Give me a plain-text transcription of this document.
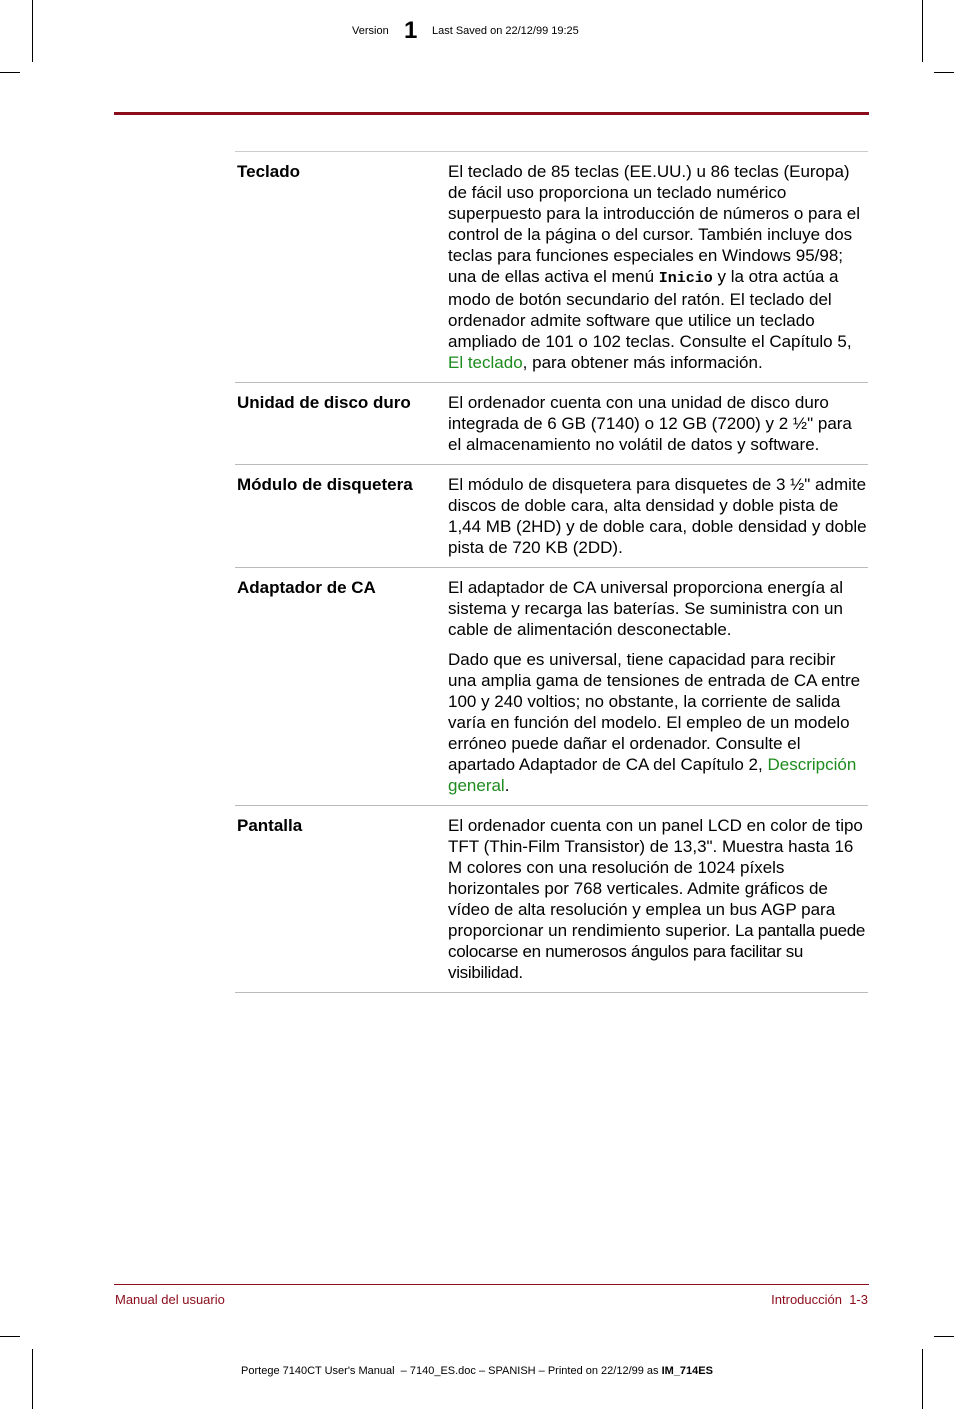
Version 1 Last Saved on 22/12/99 19:25
Teclado	El teclado de 85 teclas (EE.UU.) u 86 teclas (Europa) de fácil uso proporciona un teclado numérico superpuesto para la introducción de números o para el control de la página o del cursor. También incluye dos teclas para funciones especiales en Windows 95/98; una de ellas activa el menú Inicio y la otra actúa a modo de botón secundario del ratón. El teclado del ordenador admite software que utilice un teclado ampliado de 101 o 102 teclas. Consulte el Capítulo 5, El teclado, para obtener más información.

Unidad de disco duro	El ordenador cuenta con una unidad de disco duro integrada de 6 GB (7140) o 12 GB (7200) y 2 ½" para el almacenamiento no volátil de datos y software.

Módulo de disquetera	El módulo de disquetera para disquetes de 3 ½" admite discos de doble cara, alta densidad y doble pista de 1,44 MB (2HD) y de doble cara, doble densidad y doble pista de 720 KB (2DD).

Adaptador de CA	El adaptador de CA universal proporciona energía al sistema y recarga las baterías. Se suministra con un cable de alimentación desconectable.

Dado que es universal, tiene capacidad para recibir una amplia gama de tensiones de entrada de CA entre 100 y 240 voltios; no obstante, la corriente de salida varía en función del modelo. El empleo de un modelo erróneo puede dañar el ordenador. Consulte el apartado Adaptador de CA del Capítulo 2, Descripción general.

Pantalla	El ordenador cuenta con un panel LCD en color de tipo TFT (Thin-Film Transistor) de 13,3". Muestra hasta 16 M colores con una resolución de 1024 píxels horizontales por 768 verticales. Admite gráficos de vídeo de alta resolución y emplea un bus AGP para proporcionar un rendimiento superior. La pantalla puede colocarse en numerosos ángulos para facilitar su visibilidad.

Manual del usuario	Introducción  1-3
Portege 7140CT User's Manual  – 7140_ES.doc – SPANISH – Printed on 22/12/99 as IM_714ES
